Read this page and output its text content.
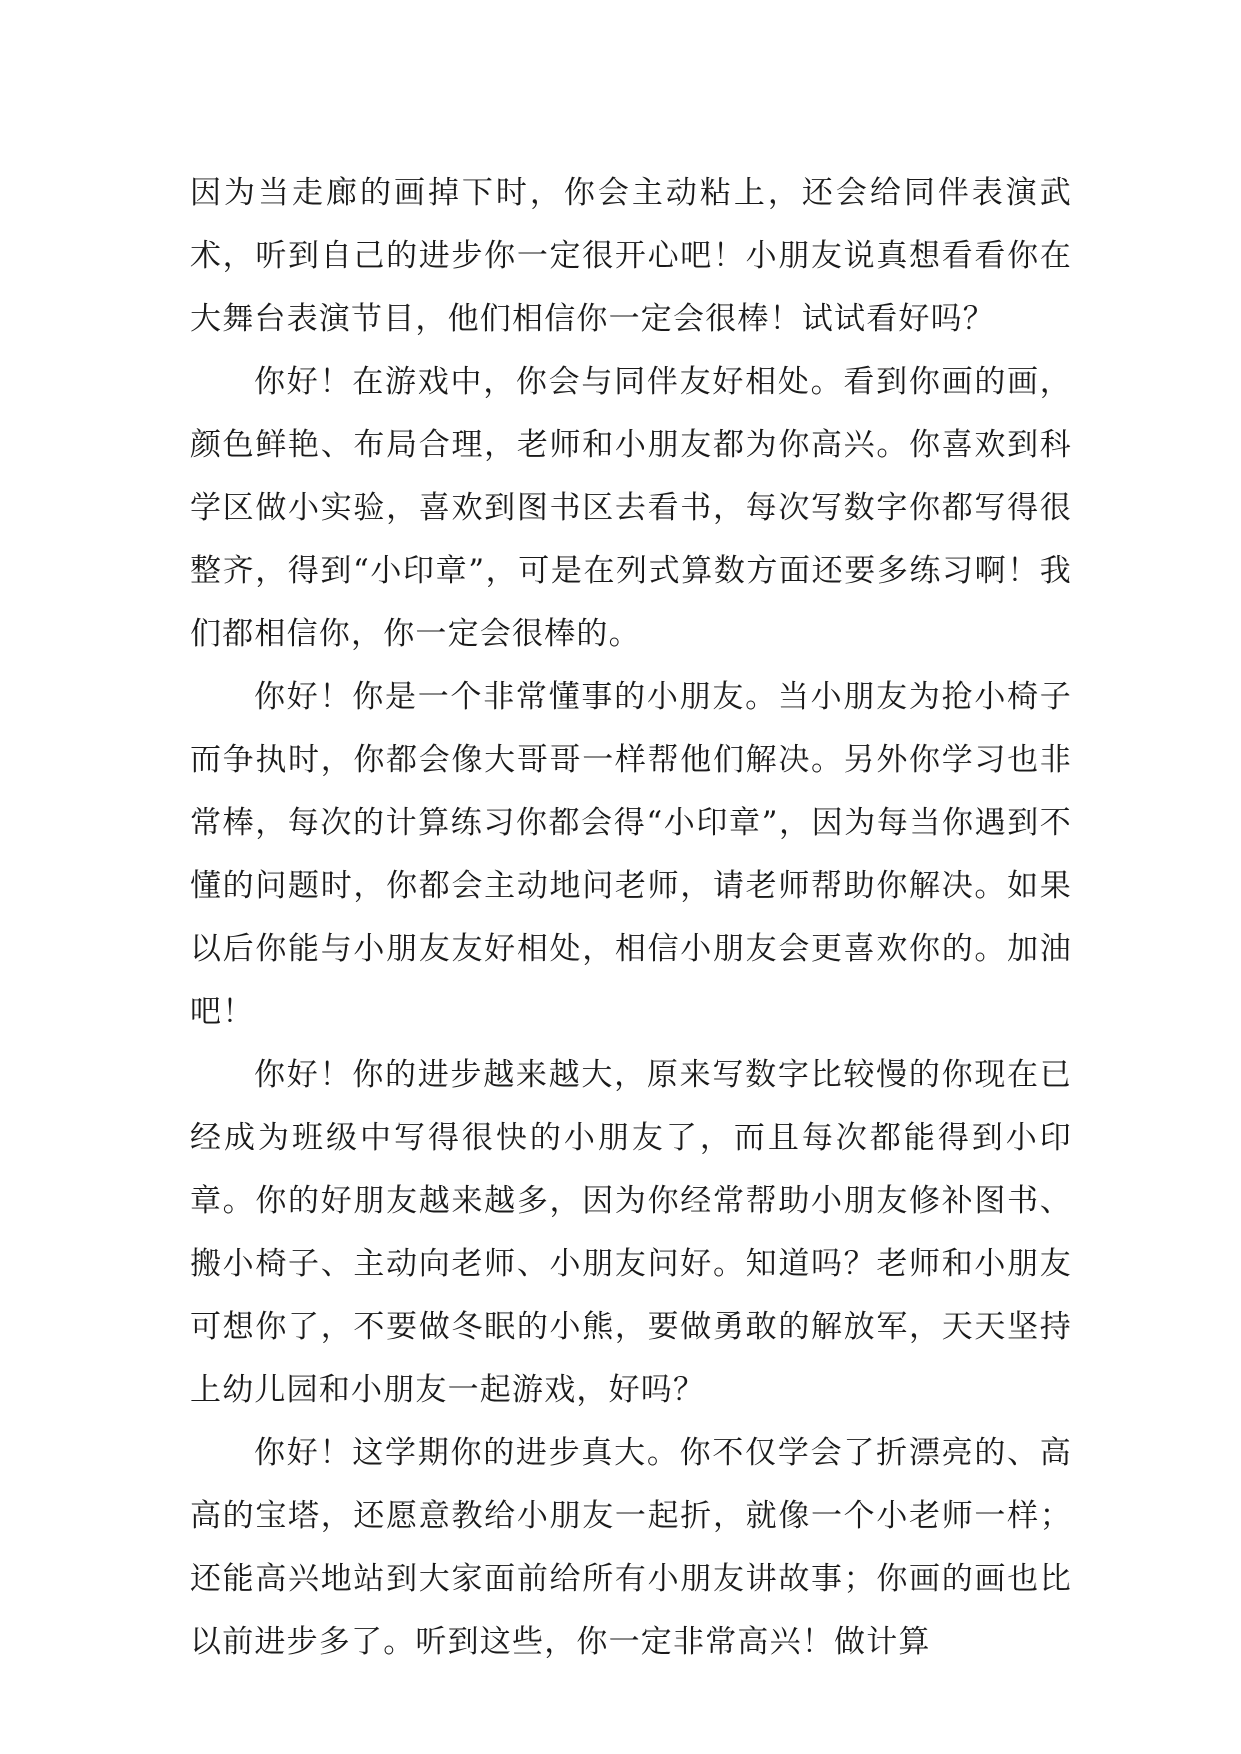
因为当走廊的画掉下时，你会主动粘上，还会给同伴表演武术，听到自己的进步你一定很开心吧！小朋友说真想看看你在大舞台表演节目，他们相信你一定会很棒！试试看好吗？

你好！在游戏中，你会与同伴友好相处。看到你画的画，颜色鲜艳、布局合理，老师和小朋友都为你高兴。你喜欢到科学区做小实验，喜欢到图书区去看书，每次写数字你都写得很整齐，得到“小印章”，可是在列式算数方面还要多练习啊！我们都相信你，你一定会很棒的。

你好！你是一个非常懂事的小朋友。当小朋友为抢小椅子而争执时，你都会像大哥哥一样帮他们解决。另外你学习也非常棒，每次的计算练习你都会得“小印章”，因为每当你遇到不懂的问题时，你都会主动地问老师，请老师帮助你解决。如果以后你能与小朋友友好相处，相信小朋友会更喜欢你的。加油吧！

你好！你的进步越来越大，原来写数字比较慢的你现在已经成为班级中写得很快的小朋友了，而且每次都能得到小印章。你的好朋友越来越多，因为你经常帮助小朋友修补图书、搬小椅子、主动向老师、小朋友问好。知道吗？老师和小朋友可想你了，不要做冬眠的小熊，要做勇敢的解放军，天天坚持上幼儿园和小朋友一起游戏，好吗？

你好！这学期你的进步真大。你不仅学会了折漂亮的、高高的宝塔，还愿意教给小朋友一起折，就像一个小老师一样；还能高兴地站到大家面前给所有小朋友讲故事；你画的画也比以前进步多了。听到这些，你一定非常高兴！做计算
